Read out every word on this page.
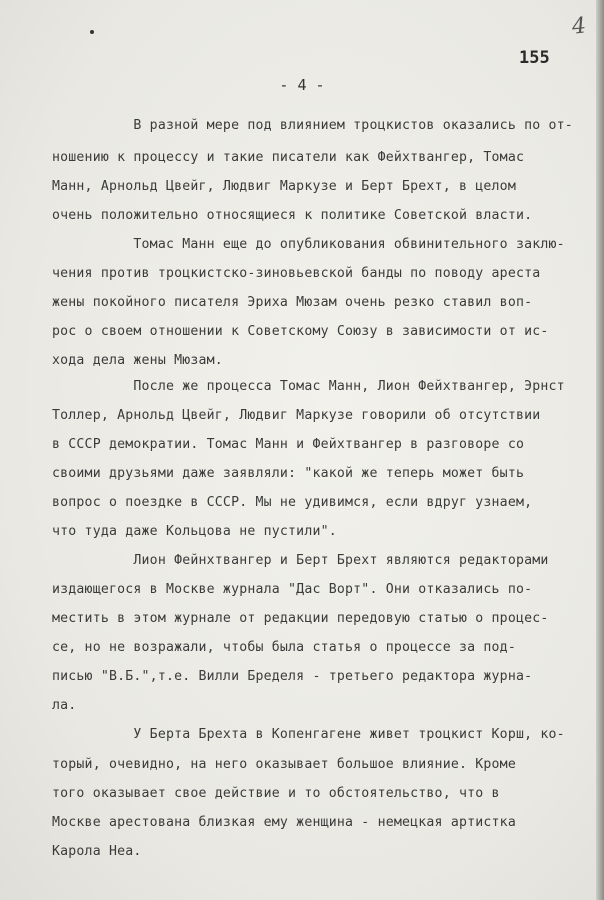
4
155
- 4 -
В разной мере под влиянием троцкистов оказались по от-
ношению к процессу и такие писатели как Фейхтвангер, Томас
Манн, Арнольд Цвейг, Людвиг Маркузе и Берт Брехт, в целом
очень положительно относящиеся к политике Советской власти.
Томас Манн еще до опубликования обвинительного заклю-
чения против троцкистско-зиновьевской банды по поводу ареста
жены покойного писателя Эриха Мюзам очень резко ставил воп-
рос о своем отношении к Советскому Союзу в зависимости от ис-
хода дела жены Мюзам.
После же процесса Томас Манн, Лион Фейхтвангер, Эрнст
Толлер, Арнольд Цвейг, Людвиг Маркузе говорили об отсутствии
в СССР демократии. Томас Манн и Фейхтвангер в разговоре со
своими друзьями даже заявляли: "какой же теперь может быть
вопрос о поездке в СССР. Мы не удивимся, если вдруг узнаем,
что туда даже Кольцова не пустили".
Лион Фейнхтвангер и Берт Брехт являются редакторами
издающегося в Москве журнала "Дас Ворт". Они отказались по-
местить в этом журнале от редакции передовую статью о процес-
се, но не возражали, чтобы была статья о процессе за под-
писью "В.Б.",т.е. Вилли Бределя - третьего редактора журна-
ла.
У Берта Брехта в Копенгагене живет троцкист Корш, ко-
торый, очевидно, на него оказывает большое влияние. Кроме
того оказывает свое действие и то обстоятельство, что в
Москве арестована близкая ему женщина - немецкая артистка
Карола Неа.
